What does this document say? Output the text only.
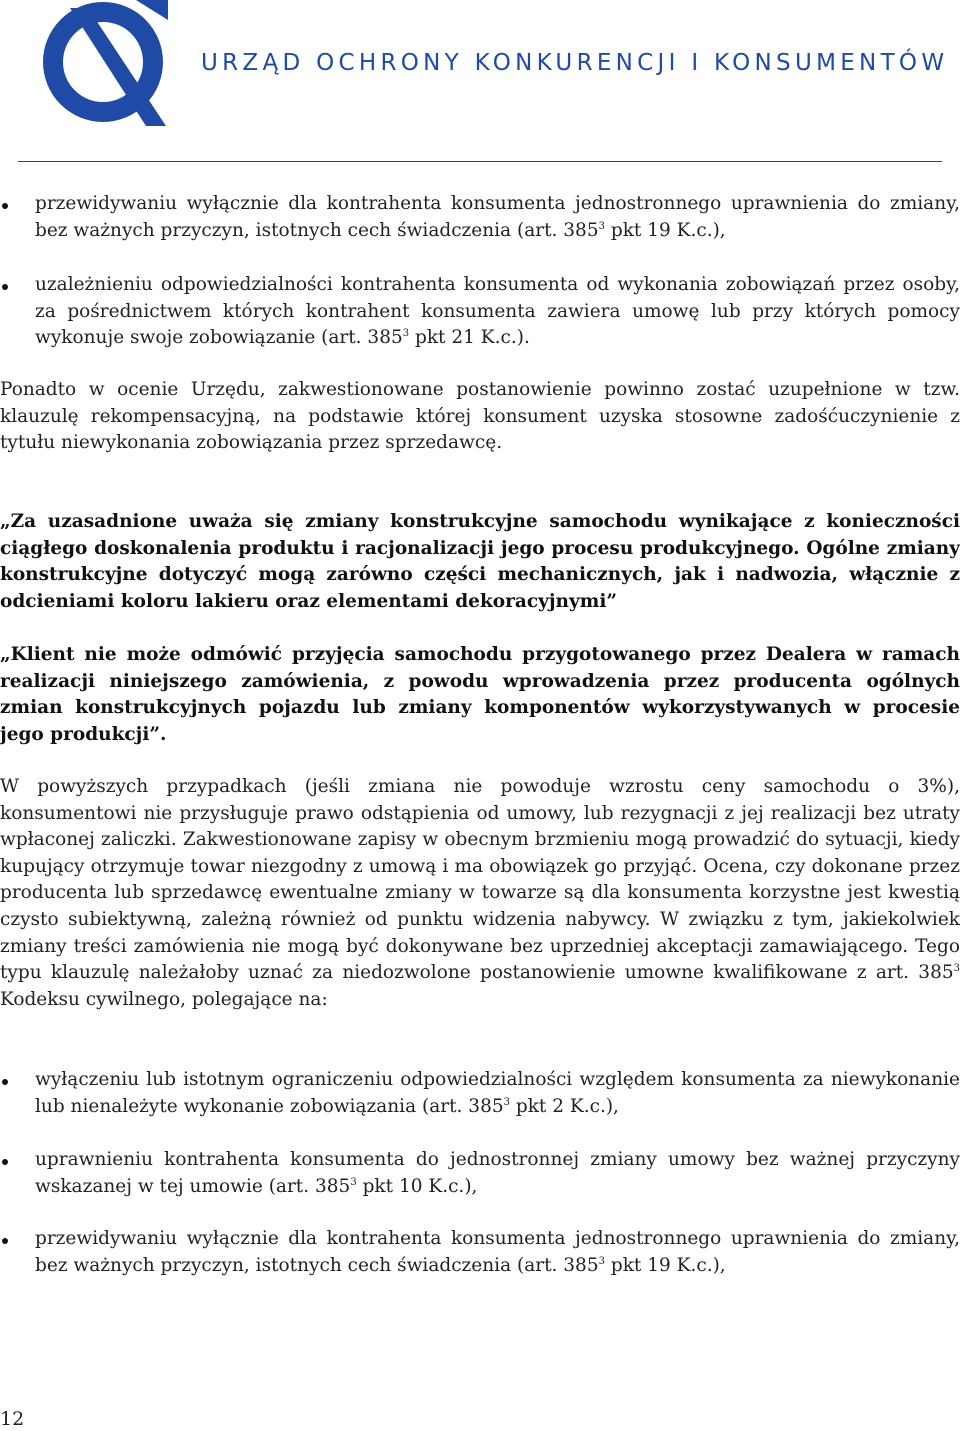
URZĄD OCHRONY KONKURENCJI I KONSUMENTÓW
przewidywaniu wyłącznie dla kontrahenta konsumenta jednostronnego uprawnienia do zmiany, bez ważnych przyczyn, istotnych cech świadczenia (art. $385^3$ pkt 19 K.c.),
uzależnieniu odpowiedzialności kontrahenta konsumenta od wykonania zobowiązań przez osoby, za pośrednictwem których kontrahent konsumenta zawiera umowę lub przy których pomocy wykonuje swoje zobowiązanie (art. $385^3$ pkt 21 K.c.).
Ponadto w ocenie Urzędu, zakwestionowane postanowienie powinno zostać uzupełnione w tzw. klauzulę rekompensacyjną, na podstawie której konsument uzyska stosowne zadośćuczynienie z tytułu niewykonania zobowiązania przez sprzedawcę.
„Za uzasadnione uważa się zmiany konstrukcyjne samochodu wynikające z konieczności ciągłego doskonalenia produktu i racjonalizacji jego procesu produkcyjnego. Ogólne zmiany konstrukcyjne dotyczyć mogą zarówno części mechanicznych, jak i nadwozia, włącznie z odcieniami koloru lakieru oraz elementami dekoracyjnymi”
„Klient nie może odmówić przyjęcia samochodu przygotowanego przez Dealera w ramach realizacji niniejszego zamówienia, z powodu wprowadzenia przez producenta ogólnych zmian konstrukcyjnych pojazdu lub zmiany komponentów wykorzystywanych w procesie jego produkcji”.
W powyższych przypadkach (jeśli zmiana nie powoduje wzrostu ceny samochodu o 3%), konsumentowi nie przysługuje prawo odstąpienia od umowy, lub rezygnacji z jej realizacji bez utraty wpłaconej zaliczki. Zakwestionowane zapisy w obecnym brzmieniu mogą prowadzić do sytuacji, kiedy kupujący otrzymuje towar niezgodny z umową i ma obowiązek go przyjąć. Ocena, czy dokonane przez producenta lub sprzedawcę ewentualne zmiany w towarze są dla konsumenta korzystne jest kwestią czysto subiektywną, zależną również od punktu widzenia nabywcy. W związku z tym, jakiekolwiek zmiany treści zamówienia nie mogą być dokonywane bez uprzedniej akceptacji zamawiającego. Tego typu klauzulę należałoby uznać za niedozwolone postanowienie umowne kwalifikowane z art. $385^3$ Kodeksu cywilnego, polegające na:
wyłączeniu lub istotnym ograniczeniu odpowiedzialności względem konsumenta za niewykonanie lub nienależyte wykonanie zobowiązania (art. $385^3$ pkt 2 K.c.),
uprawnieniu kontrahenta konsumenta do jednostronnej zmiany umowy bez ważnej przyczyny wskazanej w tej umowie (art. $385^3$ pkt 10 K.c.),
przewidywaniu wyłącznie dla kontrahenta konsumenta jednostronnego uprawnienia do zmiany, bez ważnych przyczyn, istotnych cech świadczenia (art. $385^3$ pkt 19 K.c.),
12
